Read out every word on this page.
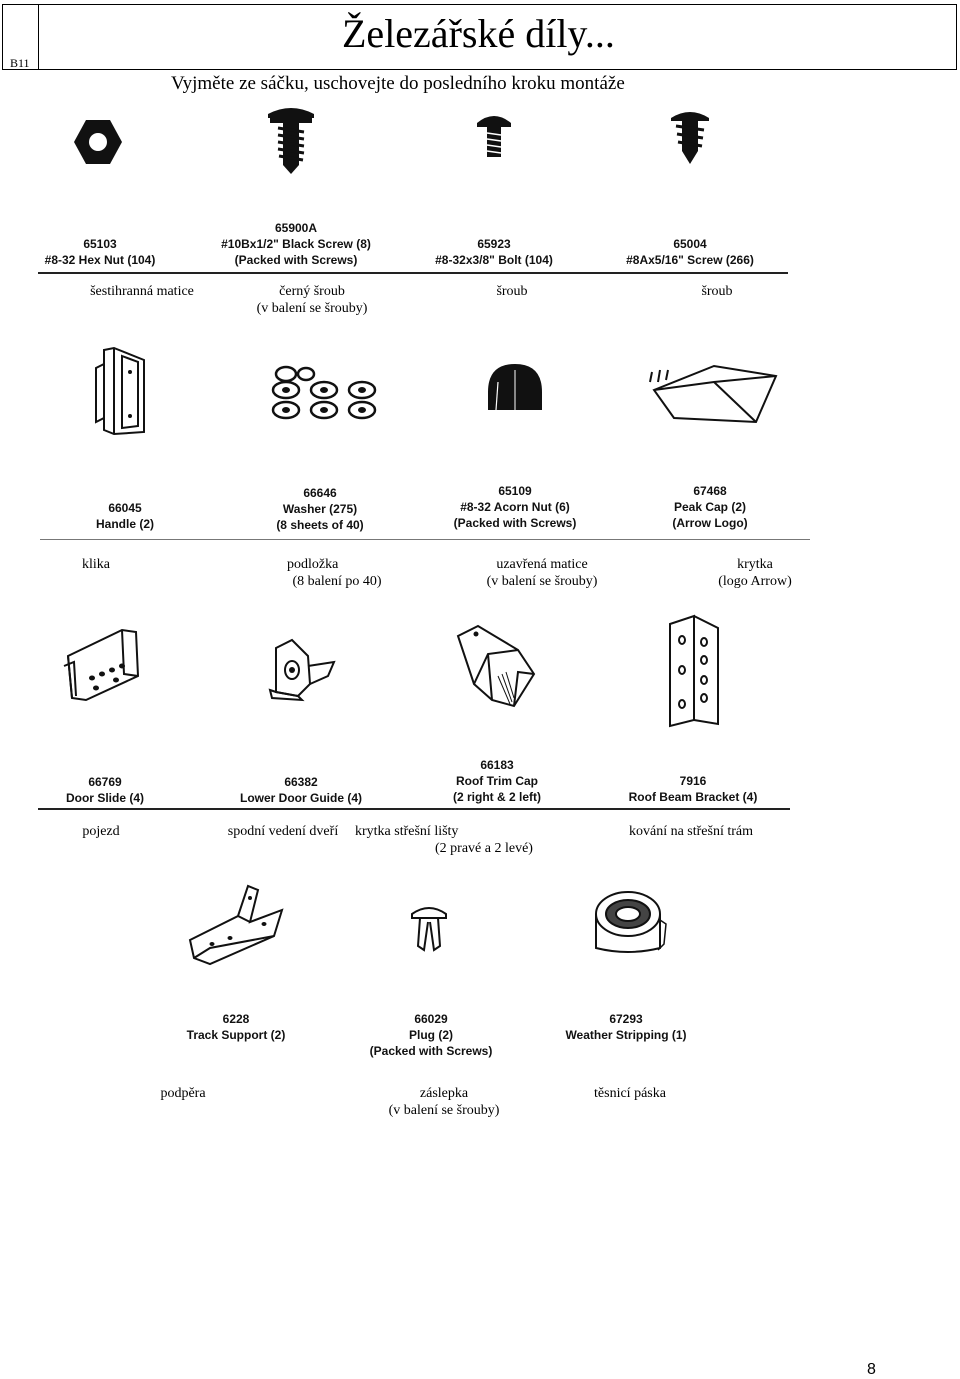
B11
Železářské díly...
Vyjměte ze sáčku, uschovejte do posledního kroku montáže
65103
#8-32 Hex Nut (104)
65900A
#10Bx1/2" Black Screw (8)
(Packed with Screws)
65923
#8-32x3/8" Bolt (104)
65004
#8Ax5/16" Screw (266)
šestihranná matice	černý šroub
(v balení se šrouby)
šroub	šroub
66045
Handle (2)
66646
Washer (275)
(8 sheets of 40)
65109
#8-32 Acorn Nut (6)
(Packed with Screws)
67468
Peak Cap (2)
(Arrow Logo)
klika	podložka
(8 balení po 40)
uzavřená matice
(v balení se šrouby)
krytka
(logo Arrow)
66769
Door Slide (4)
66382
Lower Door Guide (4)
66183
Roof Trim Cap
(2 right & 2 left)
7916
Roof Beam Bracket (4)
pojezd	spodní vedení dveří	krytka střešní lišty
(2 pravé a 2 levé)
kování na střešní trám
6228
Track Support (2)
66029
Plug (2)
(Packed with Screws)
67293
Weather Stripping (1)
podpěra	záslepka
(v balení se šrouby)
těsnicí páska
8
